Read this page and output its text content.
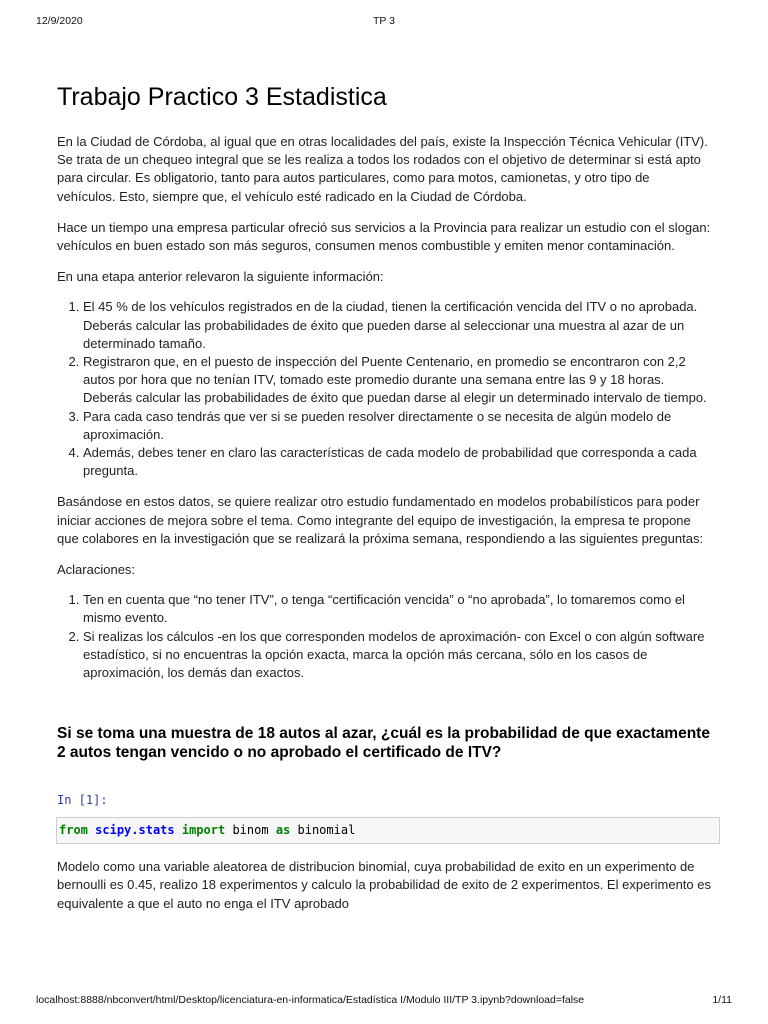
12/9/2020	TP 3
Trabajo Practico 3 Estadistica

En la Ciudad de Córdoba, al igual que en otras localidades del país, existe la Inspección Técnica Vehicular (ITV). Se trata de un chequeo integral que se les realiza a todos los rodados con el objetivo de determinar si está apto para circular. Es obligatorio, tanto para autos particulares, como para motos, camionetas, y otro tipo de vehículos. Esto, siempre que, el vehículo esté radicado en la Ciudad de Córdoba.

Hace un tiempo una empresa particular ofreció sus servicios a la Provincia para realizar un estudio con el slogan: vehículos en buen estado son más seguros, consumen menos combustible y emiten menor contaminación.

En una etapa anterior relevaron la siguiente información:

1. El 45 % de los vehículos registrados en de la ciudad, tienen la certificación vencida del ITV o no aprobada. Deberás calcular las probabilidades de éxito que pueden darse al seleccionar una muestra al azar de un determinado tamaño.
2. Registraron que, en el puesto de inspección del Puente Centenario, en promedio se encontraron con 2,2 autos por hora que no tenían ITV, tomado este promedio durante una semana entre las 9 y 18 horas. Deberás calcular las probabilidades de éxito que puedan darse al elegir un determinado intervalo de tiempo.
3. Para cada caso tendrás que ver si se pueden resolver directamente o se necesita de algún modelo de aproximación.
4. Además, debes tener en claro las características de cada modelo de probabilidad que corresponda a cada pregunta.

Basándose en estos datos, se quiere realizar otro estudio fundamentado en modelos probabilísticos para poder iniciar acciones de mejora sobre el tema. Como integrante del equipo de investigación, la empresa te propone que colabores en la investigación que se realizará la próxima semana, respondiendo a las siguientes preguntas:

Aclaraciones:

1. Ten en cuenta que “no tener ITV”, o tenga “certificación vencida” o “no aprobada”, lo tomaremos como el mismo evento.
2. Si realizas los cálculos -en los que corresponden modelos de aproximación- con Excel o con algún software estadístico, si no encuentras la opción exacta, marca la opción más cercana, sólo en los casos de aproximación, los demás dan exactos.
Si se toma una muestra de 18 autos al azar, ¿cuál es la probabilidad de que exactamente 2 autos tengan vencido o no aprobado el certificado de ITV?
In [1]:
from scipy.stats import binom as binomial

Modelo como una variable aleatorea de distribucion binomial, cuya probabilidad de exito en un experimento de bernoulli es 0.45, realizo 18 experimentos y calculo la probabilidad de exito de 2 experimentos. El experimento es equivalente a que el auto no enga el ITV aprobado

localhost:8888/nbconvert/html/Desktop/licenciatura-en-informatica/Estadística I/Modulo III/TP 3.ipynb?download=false	1/11
